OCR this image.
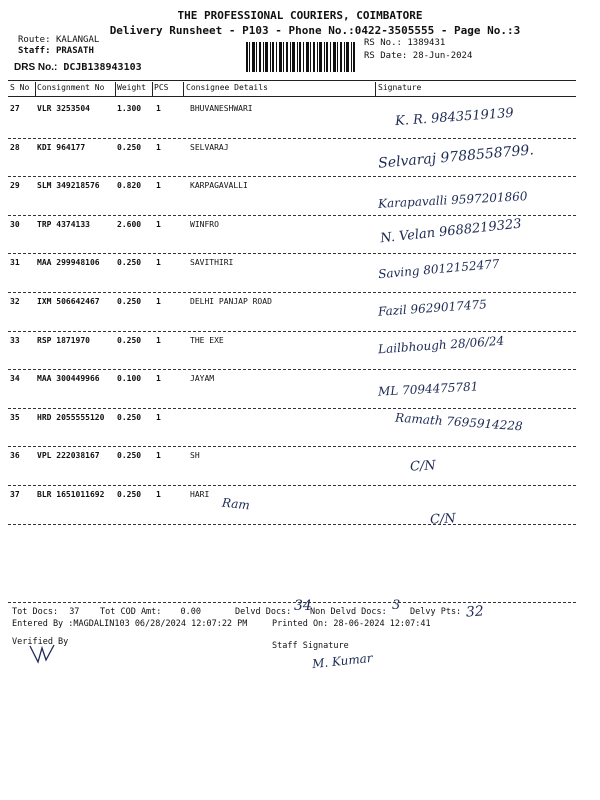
THE PROFESSIONAL COURIERS, COIMBATORE
Delivery Runsheet - P103 - Phone No.:0422-3505555 - Page No.:3
Route: KALANGAL
Staff: PRASATH
DRS No.: DCJB138943103
RS No.: 1389431
RS Date: 28-Jun-2024
S No Consignment No Weight PCS Consignee Details	Signature
27 VLR 3253504	1.300 1	BHUVANESHWARI	K. R. 9843519139
28 KDI 964177	0.250 1	SELVARAJ	Selvaraj 9788558799.
29 SLM 349218576 0.820 1	KARPAGAVALLI
Karapavalli 9597201860
30 TRP 4374133	2.600 1	WINFRO	N. Velan 9688219323
31 MAA 299948106 0.250 1	SAVITHIRI	Saving 8012152477
32 IXM 506642467 0.250 1	DELHI PANJAP ROAD	Fazil 9629017475
33 RSP 1871970	0.250 1	THE EXE	Lailbhough 28/06/24
34 MAA 300449966 0.100 1	JAYAM
ML 7094475781
35 HRD 2055555120 0.250 1	Ramath 7695914228
36 VPL 222038167 0.250 1	SH
C/N
37 BLR 1651011692 0.250 1	HARI
C/N
Ram
Tot Docs: 37 Tot COD Amt: 0.00	Delvd Docs: 34
Non Delvd Docs: 3 Delvy Pts: 32
Entered By :MAGDALIN103 06/28/2024 12:07:22 PM	Printed On: 28-06-2024 12:07:41
Verified By	Staff Signature
M. Kumar
